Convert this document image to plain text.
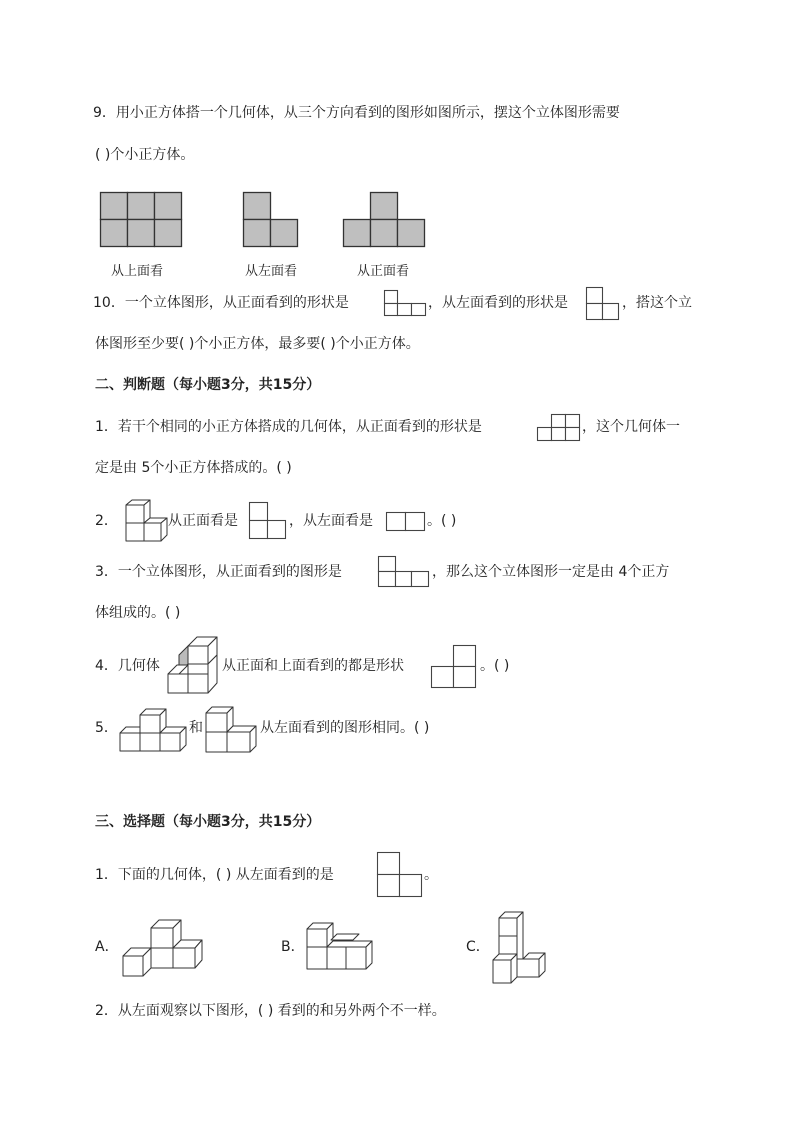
9．用小正方体搭一个几何体，从三个方向看到的图形如图所示，摆这个立体图形需要
( )个小正方体。
从上面看	从左面看	从正面看
10．一个立体图形，从正面看到的形状是	，从左面看到的形状是	，搭这个立
体图形至少要( )个小正方体，最多要( )个小正方体。
二、判断题（每小题3分，共15分）
1．若干个相同的小正方体搭成的几何体，从正面看到的形状是	，这个几何体一
定是由 5个小正方体搭成的。( )
2．	从正面看是	，从左面看是	。( )
3．一个立体图形，从正面看到的图形是	，那么这个立体图形一定是由 4个正方
体组成的。( )
4．几何体	从正面和上面看到的都是形状	。( )
5．	和	从左面看到的图形相同。( )
三、选择题（每小题3分，共15分）
1．下面的几何体，( ) 从左面看到的是	。
A．	B．	C．
2．从左面观察以下图形，( ) 看到的和另外两个不一样。
